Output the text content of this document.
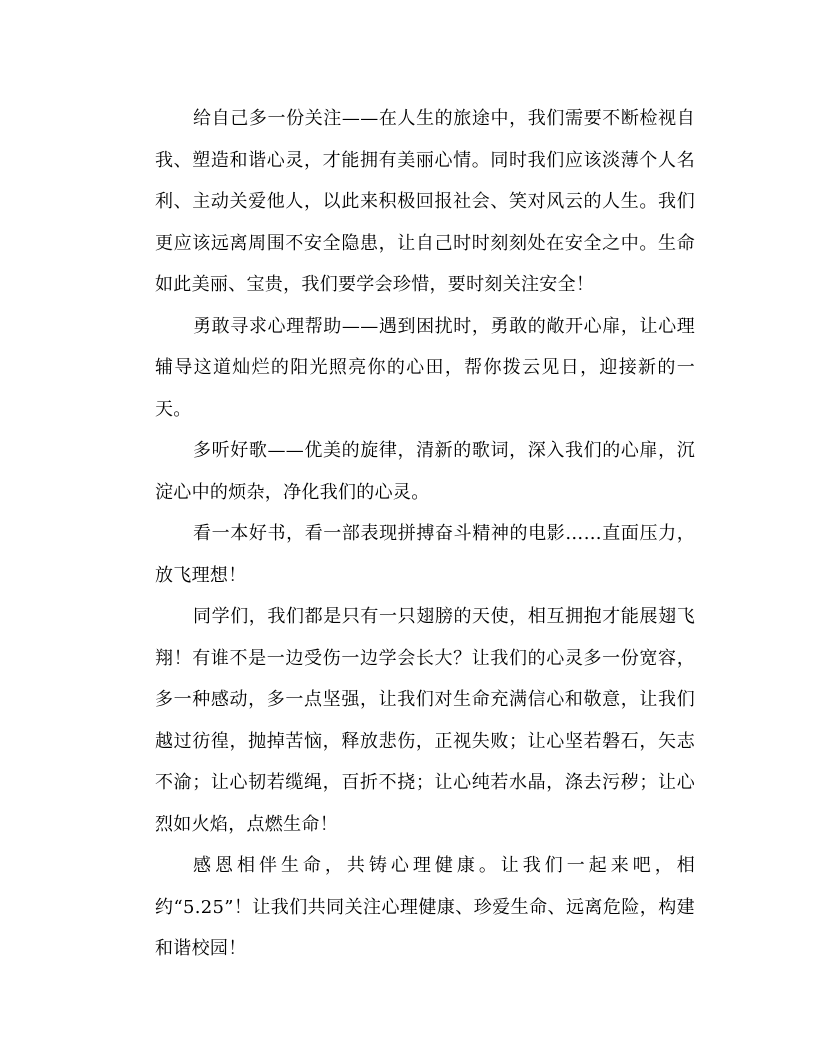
给自己多一份关注——在人生的旅途中，我们需要不断检视自我、塑造和谐心灵，才能拥有美丽心情。同时我们应该淡薄个人名利、主动关爱他人，以此来积极回报社会、笑对风云的人生。我们更应该远离周围不安全隐患，让自己时时刻刻处在安全之中。生命如此美丽、宝贵，我们要学会珍惜，要时刻关注安全！

勇敢寻求心理帮助——遇到困扰时，勇敢的敞开心扉，让心理辅导这道灿烂的阳光照亮你的心田，帮你拨云见日，迎接新的一天。

多听好歌——优美的旋律，清新的歌词，深入我们的心扉，沉淀心中的烦杂，净化我们的心灵。

看一本好书，看一部表现拼搏奋斗精神的电影……直面压力，放飞理想！

同学们，我们都是只有一只翅膀的天使，相互拥抱才能展翅飞翔！有谁不是一边受伤一边学会长大？让我们的心灵多一份宽容，多一种感动，多一点坚强，让我们对生命充满信心和敬意，让我们越过彷徨，抛掉苦恼，释放悲伤，正视失败；让心坚若磐石，矢志不渝；让心韧若缆绳，百折不挠；让心纯若水晶，涤去污秽；让心烈如火焰，点燃生命！

感恩相伴生命，共铸心理健康。让我们一起来吧，相约“5.25”！让我们共同关注心理健康、珍爱生命、远离危险，构建和谐校园！
